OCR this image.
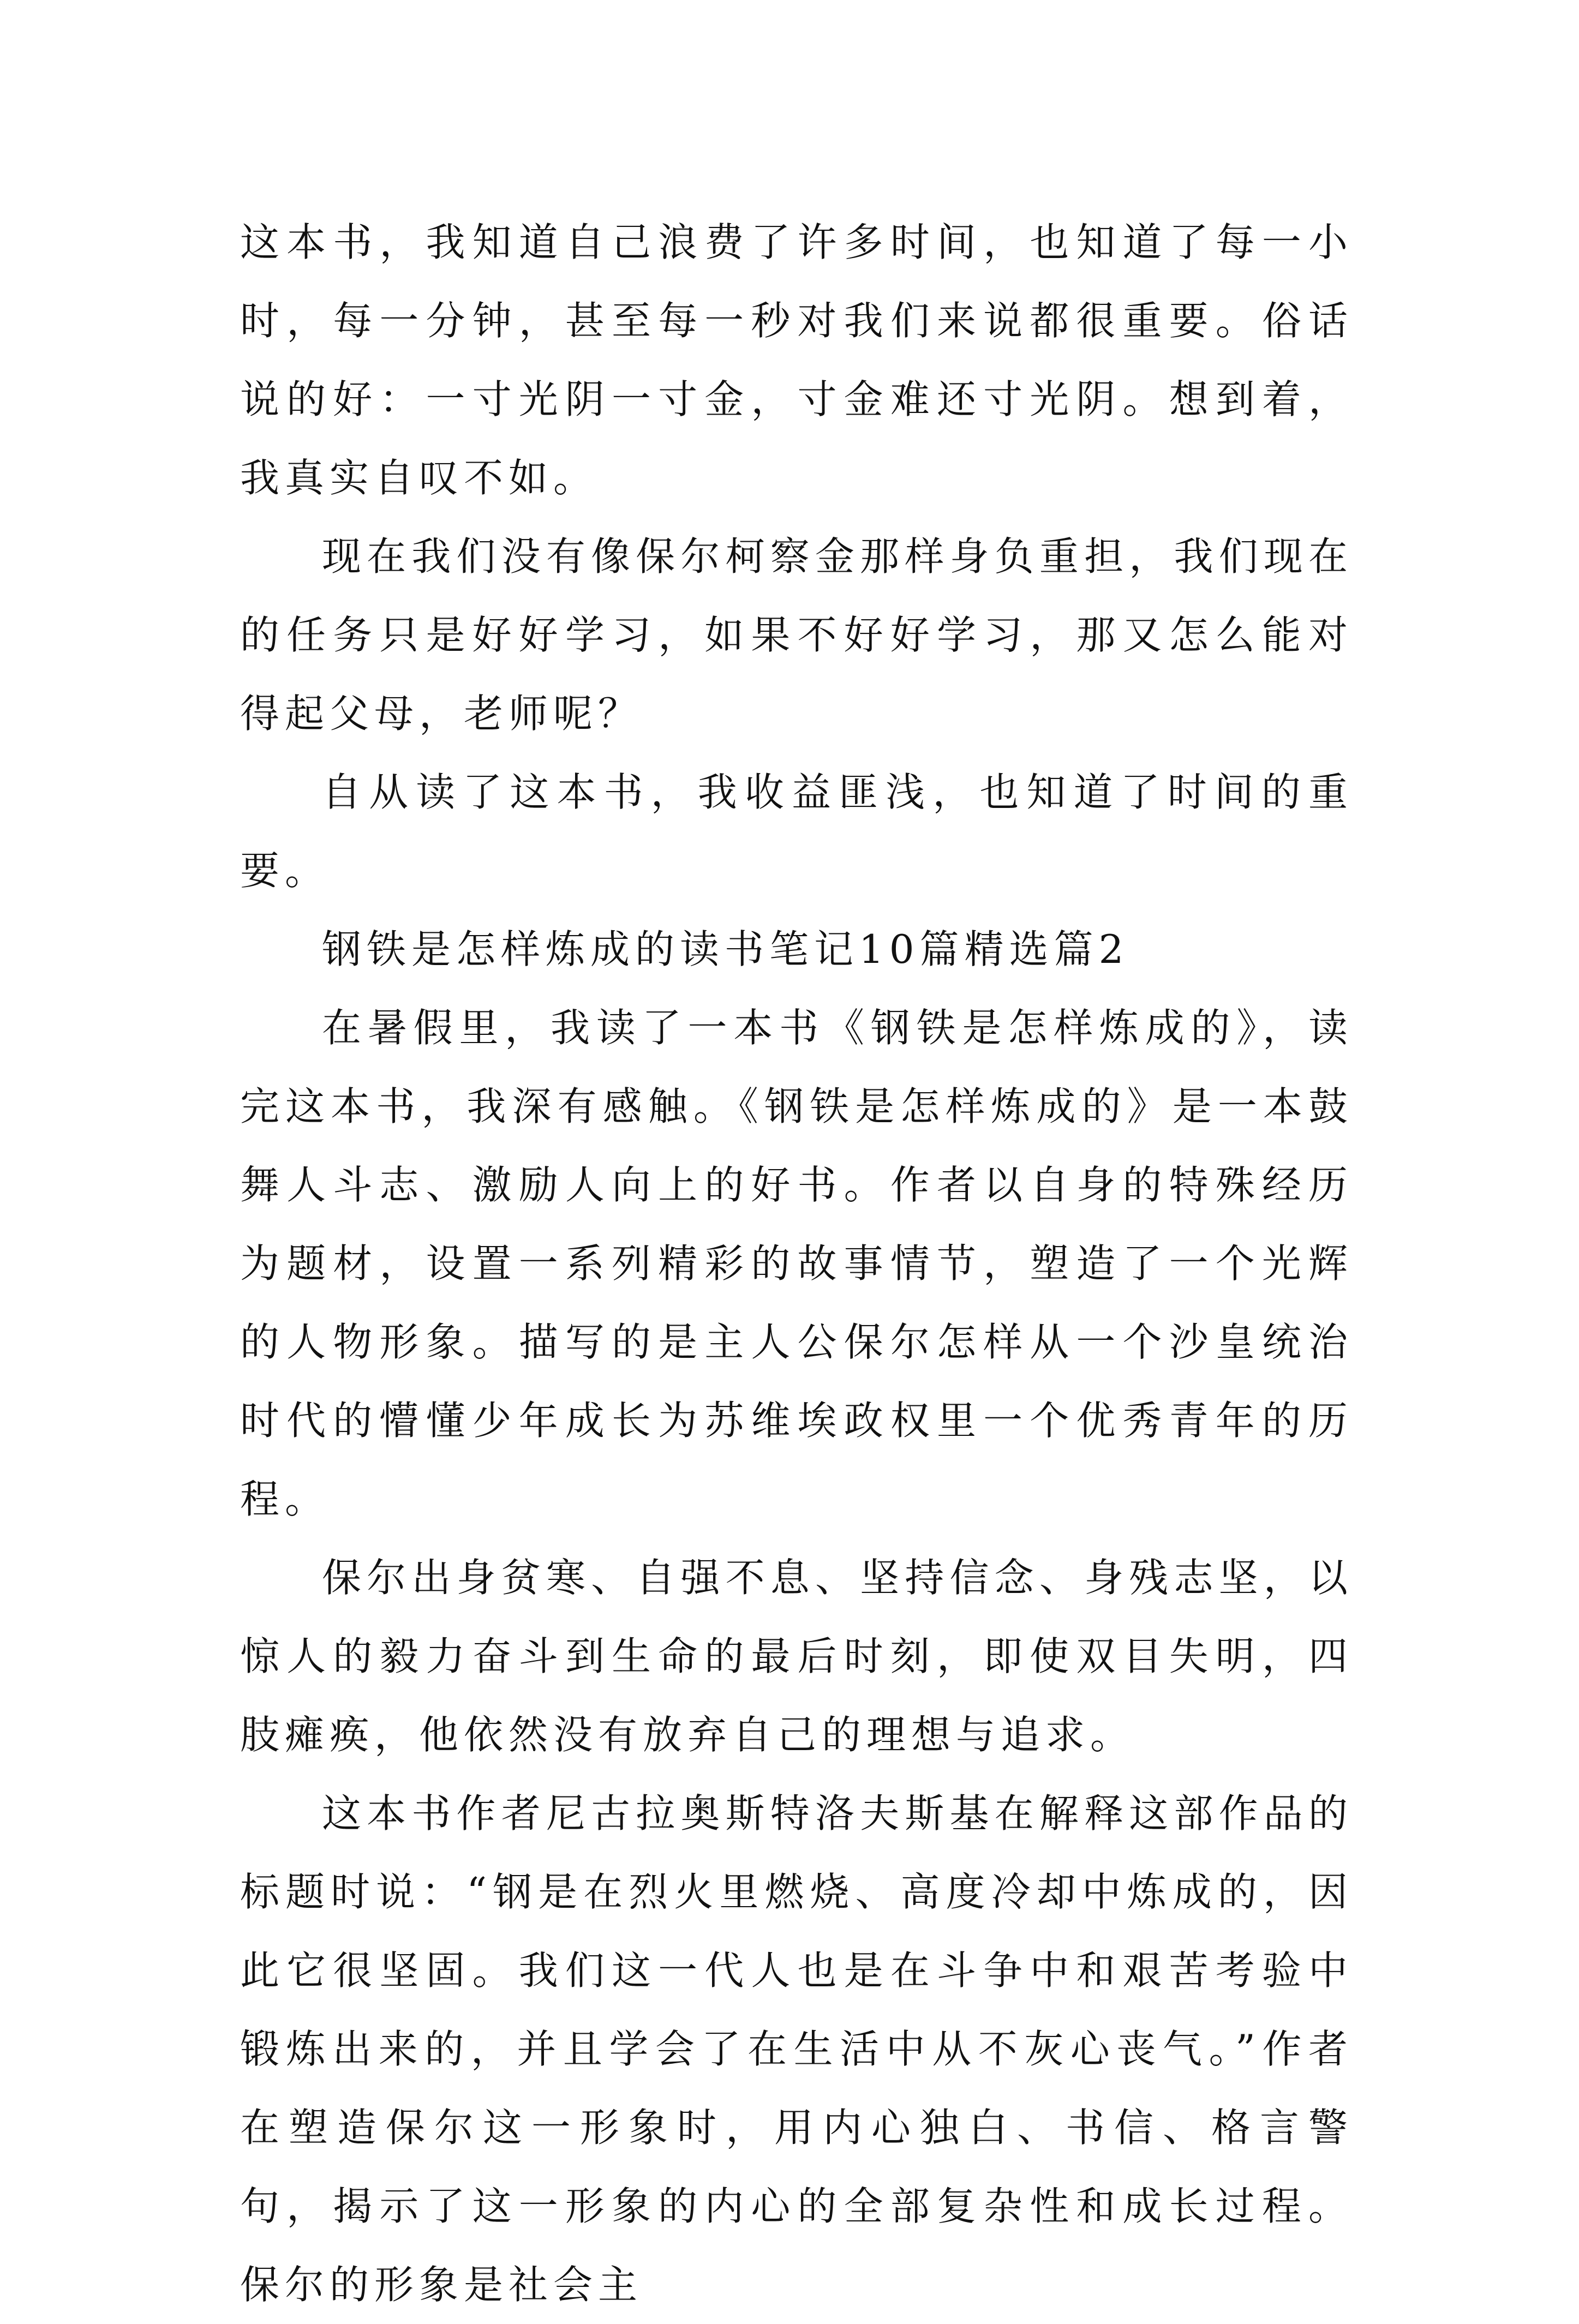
这本书，我知道自己浪费了许多时间，也知道了每一小时，每一分钟，甚至每一秒对我们来说都很重要。俗话说的好：一寸光阴一寸金，寸金难还寸光阴。想到着，我真实自叹不如。

现在我们没有像保尔柯察金那样身负重担，我们现在的任务只是好好学习，如果不好好学习，那又怎么能对得起父母，老师呢？

自从读了这本书，我收益匪浅，也知道了时间的重要。

钢铁是怎样炼成的读书笔记10篇精选篇2

在暑假里，我读了一本书《钢铁是怎样炼成的》，读完这本书，我深有感触。《钢铁是怎样炼成的》是一本鼓舞人斗志、激励人向上的好书。作者以自身的特殊经历为题材，设置一系列精彩的故事情节，塑造了一个光辉的人物形象。描写的是主人公保尔怎样从一个沙皇统治时代的懵懂少年成长为苏维埃政权里一个优秀青年的历程。

保尔出身贫寒、自强不息、坚持信念、身残志坚，以惊人的毅力奋斗到生命的最后时刻，即使双目失明，四肢瘫痪，他依然没有放弃自己的理想与追求。

这本书作者尼古拉奥斯特洛夫斯基在解释这部作品的标题时说：“钢是在烈火里燃烧、高度冷却中炼成的，因此它很坚固。我们这一代人也是在斗争中和艰苦考验中锻炼出来的，并且学会了在生活中从不灰心丧气。”作者在塑造保尔这一形象时，用内心独白、书信、格言警句，揭示了这一形象的内心的全部复杂性和成长过程。保尔的形象是社会主
